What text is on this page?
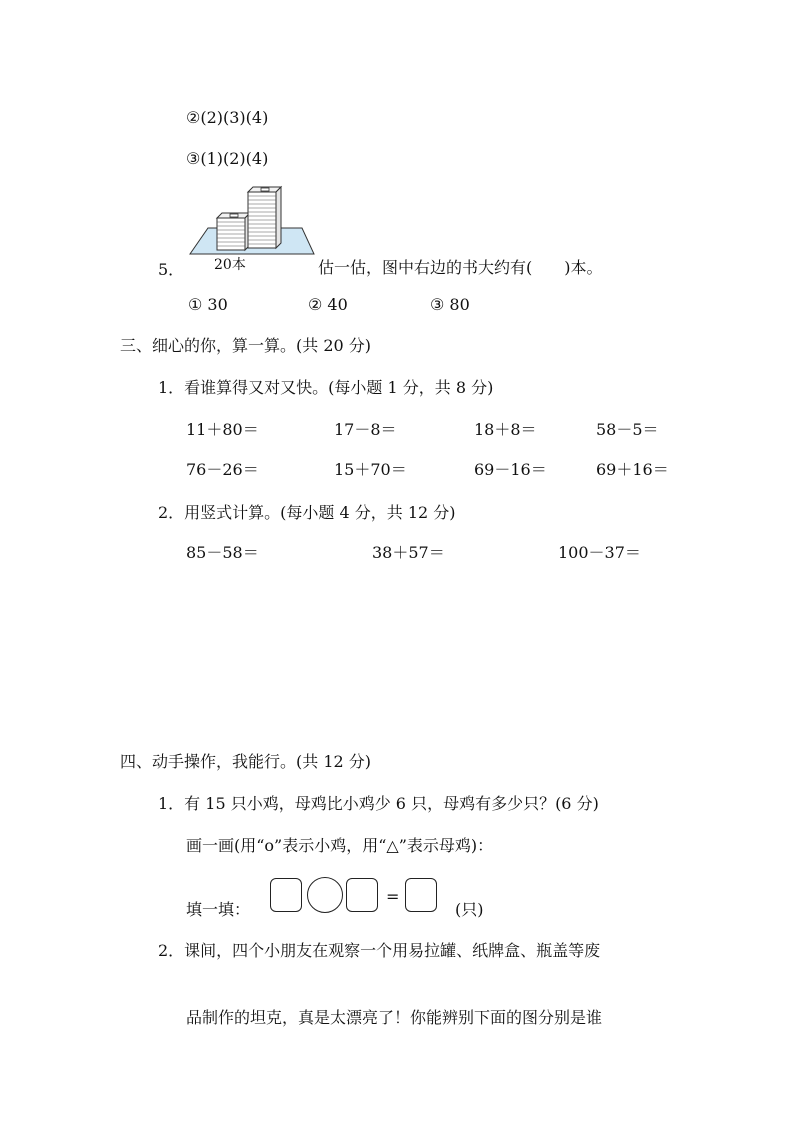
②(2)(3)(4)
③(1)(2)(4)
20本
5．	估一估，图中右边的书大约有(　　)本。
① 30	② 40	③ 80
三、细心的你，算一算。(共 20 分)
1．看谁算得又对又快。(每小题 1 分，共 8 分)
11＋80＝	17－8＝	18＋8＝	58－5＝
76－26＝	15＋70＝	69－16＝	69＋16＝
2．用竖式计算。(每小题 4 分，共 12 分)
85－58＝	38＋57＝	100－37＝
四、动手操作，我能行。(共 12 分)
1．有 15 只小鸡，母鸡比小鸡少 6 只，母鸡有多少只？(6 分)
画一画(用“o”表示小鸡，用“△”表示母鸡)：
填一填：
=
(只)
2．课间，四个小朋友在观察一个用易拉罐、纸牌盒、瓶盖等废
品制作的坦克，真是太漂亮了！你能辨别下面的图分别是谁
